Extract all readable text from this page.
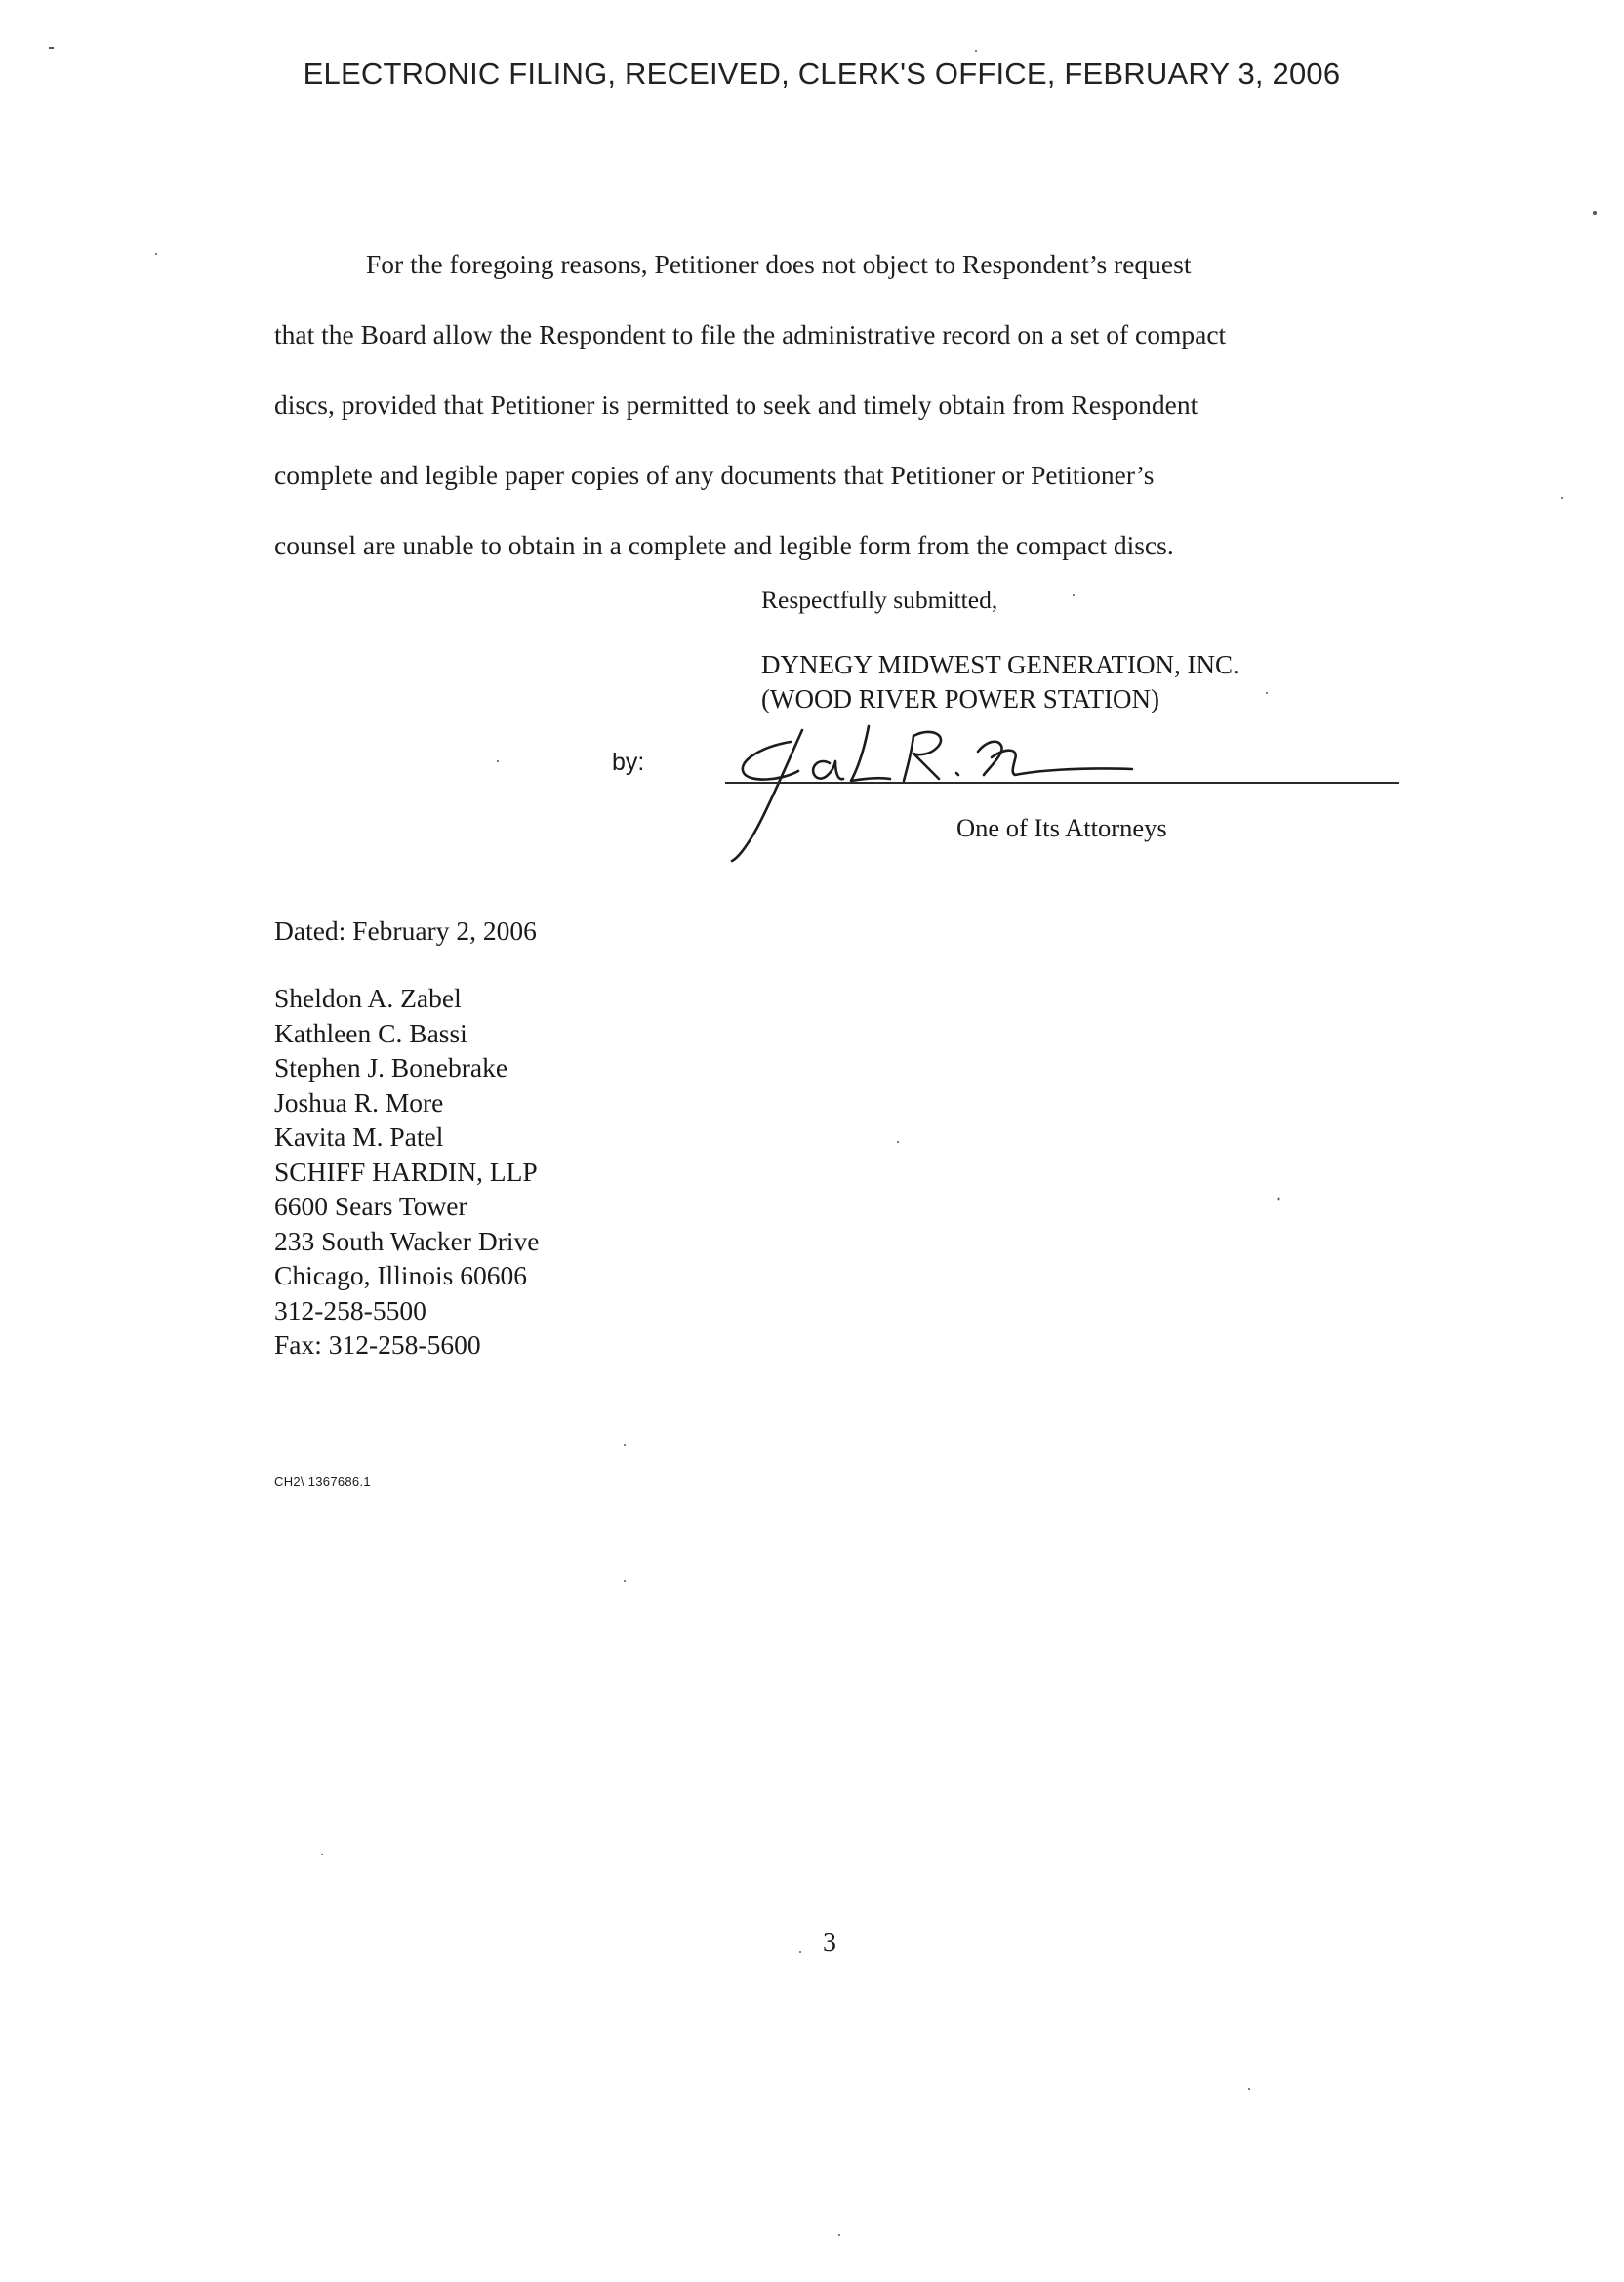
ELECTRONIC FILING, RECEIVED, CLERK'S OFFICE, FEBRUARY 3, 2006
For the foregoing reasons, Petitioner does not object to Respondent’s request
that the Board allow the Respondent to file the administrative record on a set of compact
discs, provided that Petitioner is permitted to seek and timely obtain from Respondent
complete and legible paper copies of any documents that Petitioner or Petitioner’s
counsel are unable to obtain in a complete and legible form from the compact discs.
Respectfully submitted,
DYNEGY MIDWEST GENERATION, INC.
(WOOD RIVER POWER STATION)
by:
One of Its Attorneys
Dated: February 2, 2006
Sheldon A. Zabel
Kathleen C. Bassi
Stephen J. Bonebrake
Joshua R. More
Kavita M. Patel
SCHIFF HARDIN, LLP
6600 Sears Tower
233 South Wacker Drive
Chicago, Illinois 60606
312-258-5500
Fax: 312-258-5600
CH2\ 1367686.1
3
